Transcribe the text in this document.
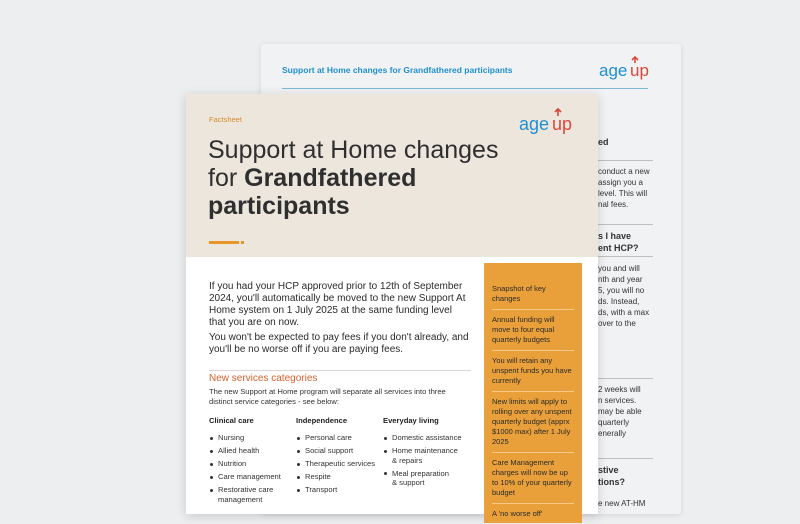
Support at Home changes for Grandfathered participants	age up
ed
conduct a new
assign you a
level. This will
nal fees.
s I have
ent HCP?
you and will
nth and year
5, you will no
ds. Instead,
ds, with a max
over to the
2 weeks will
n services.
may be able
quarterly
enerally
stive
tions?
e new AT-HM
Factsheet	age up
Support at Home changes
for Grandfathered
participants
If you had your HCP approved prior to 12th of September 2024, you'll automatically be moved to the new Support At Home system on 1 July 2025 at the same funding level that you are on now.
You won't be expected to pay fees if you don't already, and you'll be no worse off if you are paying fees.
New services categories
The new Support at Home program will separate all services into three distinct service categories - see below:
Clinical care
Nursing
Allied health
Nutrition
Care management
Restorative care management
Independence
Personal care
Social support
Therapeutic services
Respite
Transport
Everyday living
Domestic assistance
Home maintenance & repairs
Meal preparation & support
Snapshot of key changes
Annual funding will move to four equal quarterly budgets
You will retain any unspent funds you have currently
New limits will apply to rolling over any unspent quarterly budget (apprx $1000 max) after 1 July 2025
Care Management charges will now be up to 10% of your quarterly budget
A 'no worse off'
